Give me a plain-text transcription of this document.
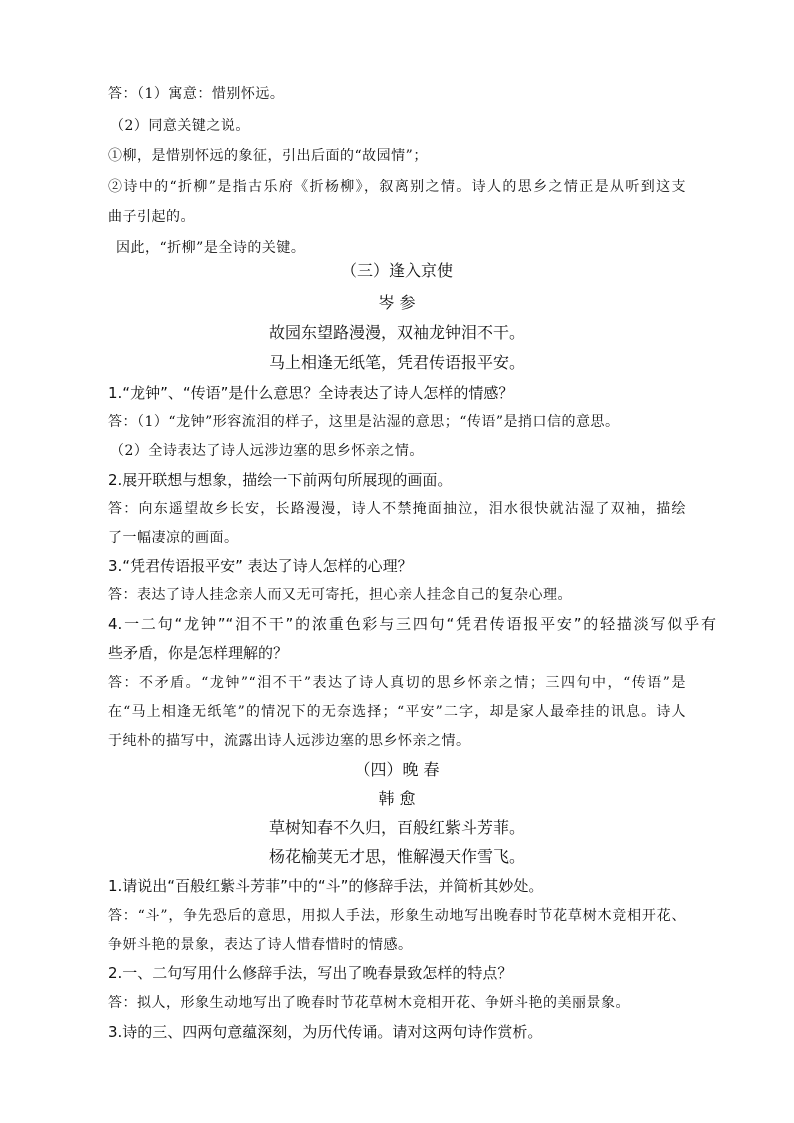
答：（1）寓意：惜别怀远。
（2）同意关键之说。
①柳，是惜别怀远的象征，引出后面的“故园情”；
②诗中的“折柳”是指古乐府《折杨柳》，叙离别之情。诗人的思乡之情正是从听到这支
曲子引起的。
因此，“折柳”是全诗的关键。
（三）逢入京使
岑 参
故园东望路漫漫，双袖龙钟泪不干。
马上相逢无纸笔，凭君传语报平安。
1.“龙钟”、“传语”是什么意思？全诗表达了诗人怎样的情感？
答：（1）“龙钟”形容流泪的样子，这里是沾湿的意思；“传语”是捎口信的意思。
（2）全诗表达了诗人远涉边塞的思乡怀亲之情。
2.展开联想与想象，描绘一下前两句所展现的画面。
答：向东遥望故乡长安，长路漫漫，诗人不禁掩面抽泣，泪水很快就沾湿了双袖，描绘
了一幅凄凉的画面。
3.“凭君传语报平安” 表达了诗人怎样的心理？
答：表达了诗人挂念亲人而又无可寄托，担心亲人挂念自己的复杂心理。
4.一二句“龙钟”“泪不干”的浓重色彩与三四句“凭君传语报平安”的轻描淡写似乎有
些矛盾，你是怎样理解的？
答：不矛盾。“龙钟”“泪不干”表达了诗人真切的思乡怀亲之情；三四句中，“传语”是
在“马上相逢无纸笔”的情况下的无奈选择；“平安”二字，却是家人最牵挂的讯息。诗人
于纯朴的描写中，流露出诗人远涉边塞的思乡怀亲之情。
（四）晚 春
韩 愈
草树知春不久归，百般红紫斗芳菲。
杨花榆荚无才思，惟解漫天作雪飞。
1.请说出“百般红紫斗芳菲”中的“斗”的修辞手法，并简析其妙处。
答：“斗”，争先恐后的意思，用拟人手法，形象生动地写出晚春时节花草树木竞相开花、
争妍斗艳的景象，表达了诗人惜春惜时的情感。
2.一、二句写用什么修辞手法，写出了晚春景致怎样的特点？
答：拟人，形象生动地写出了晚春时节花草树木竞相开花、争妍斗艳的美丽景象。
3.诗的三、四两句意蕴深刻，为历代传诵。请对这两句诗作赏析。
